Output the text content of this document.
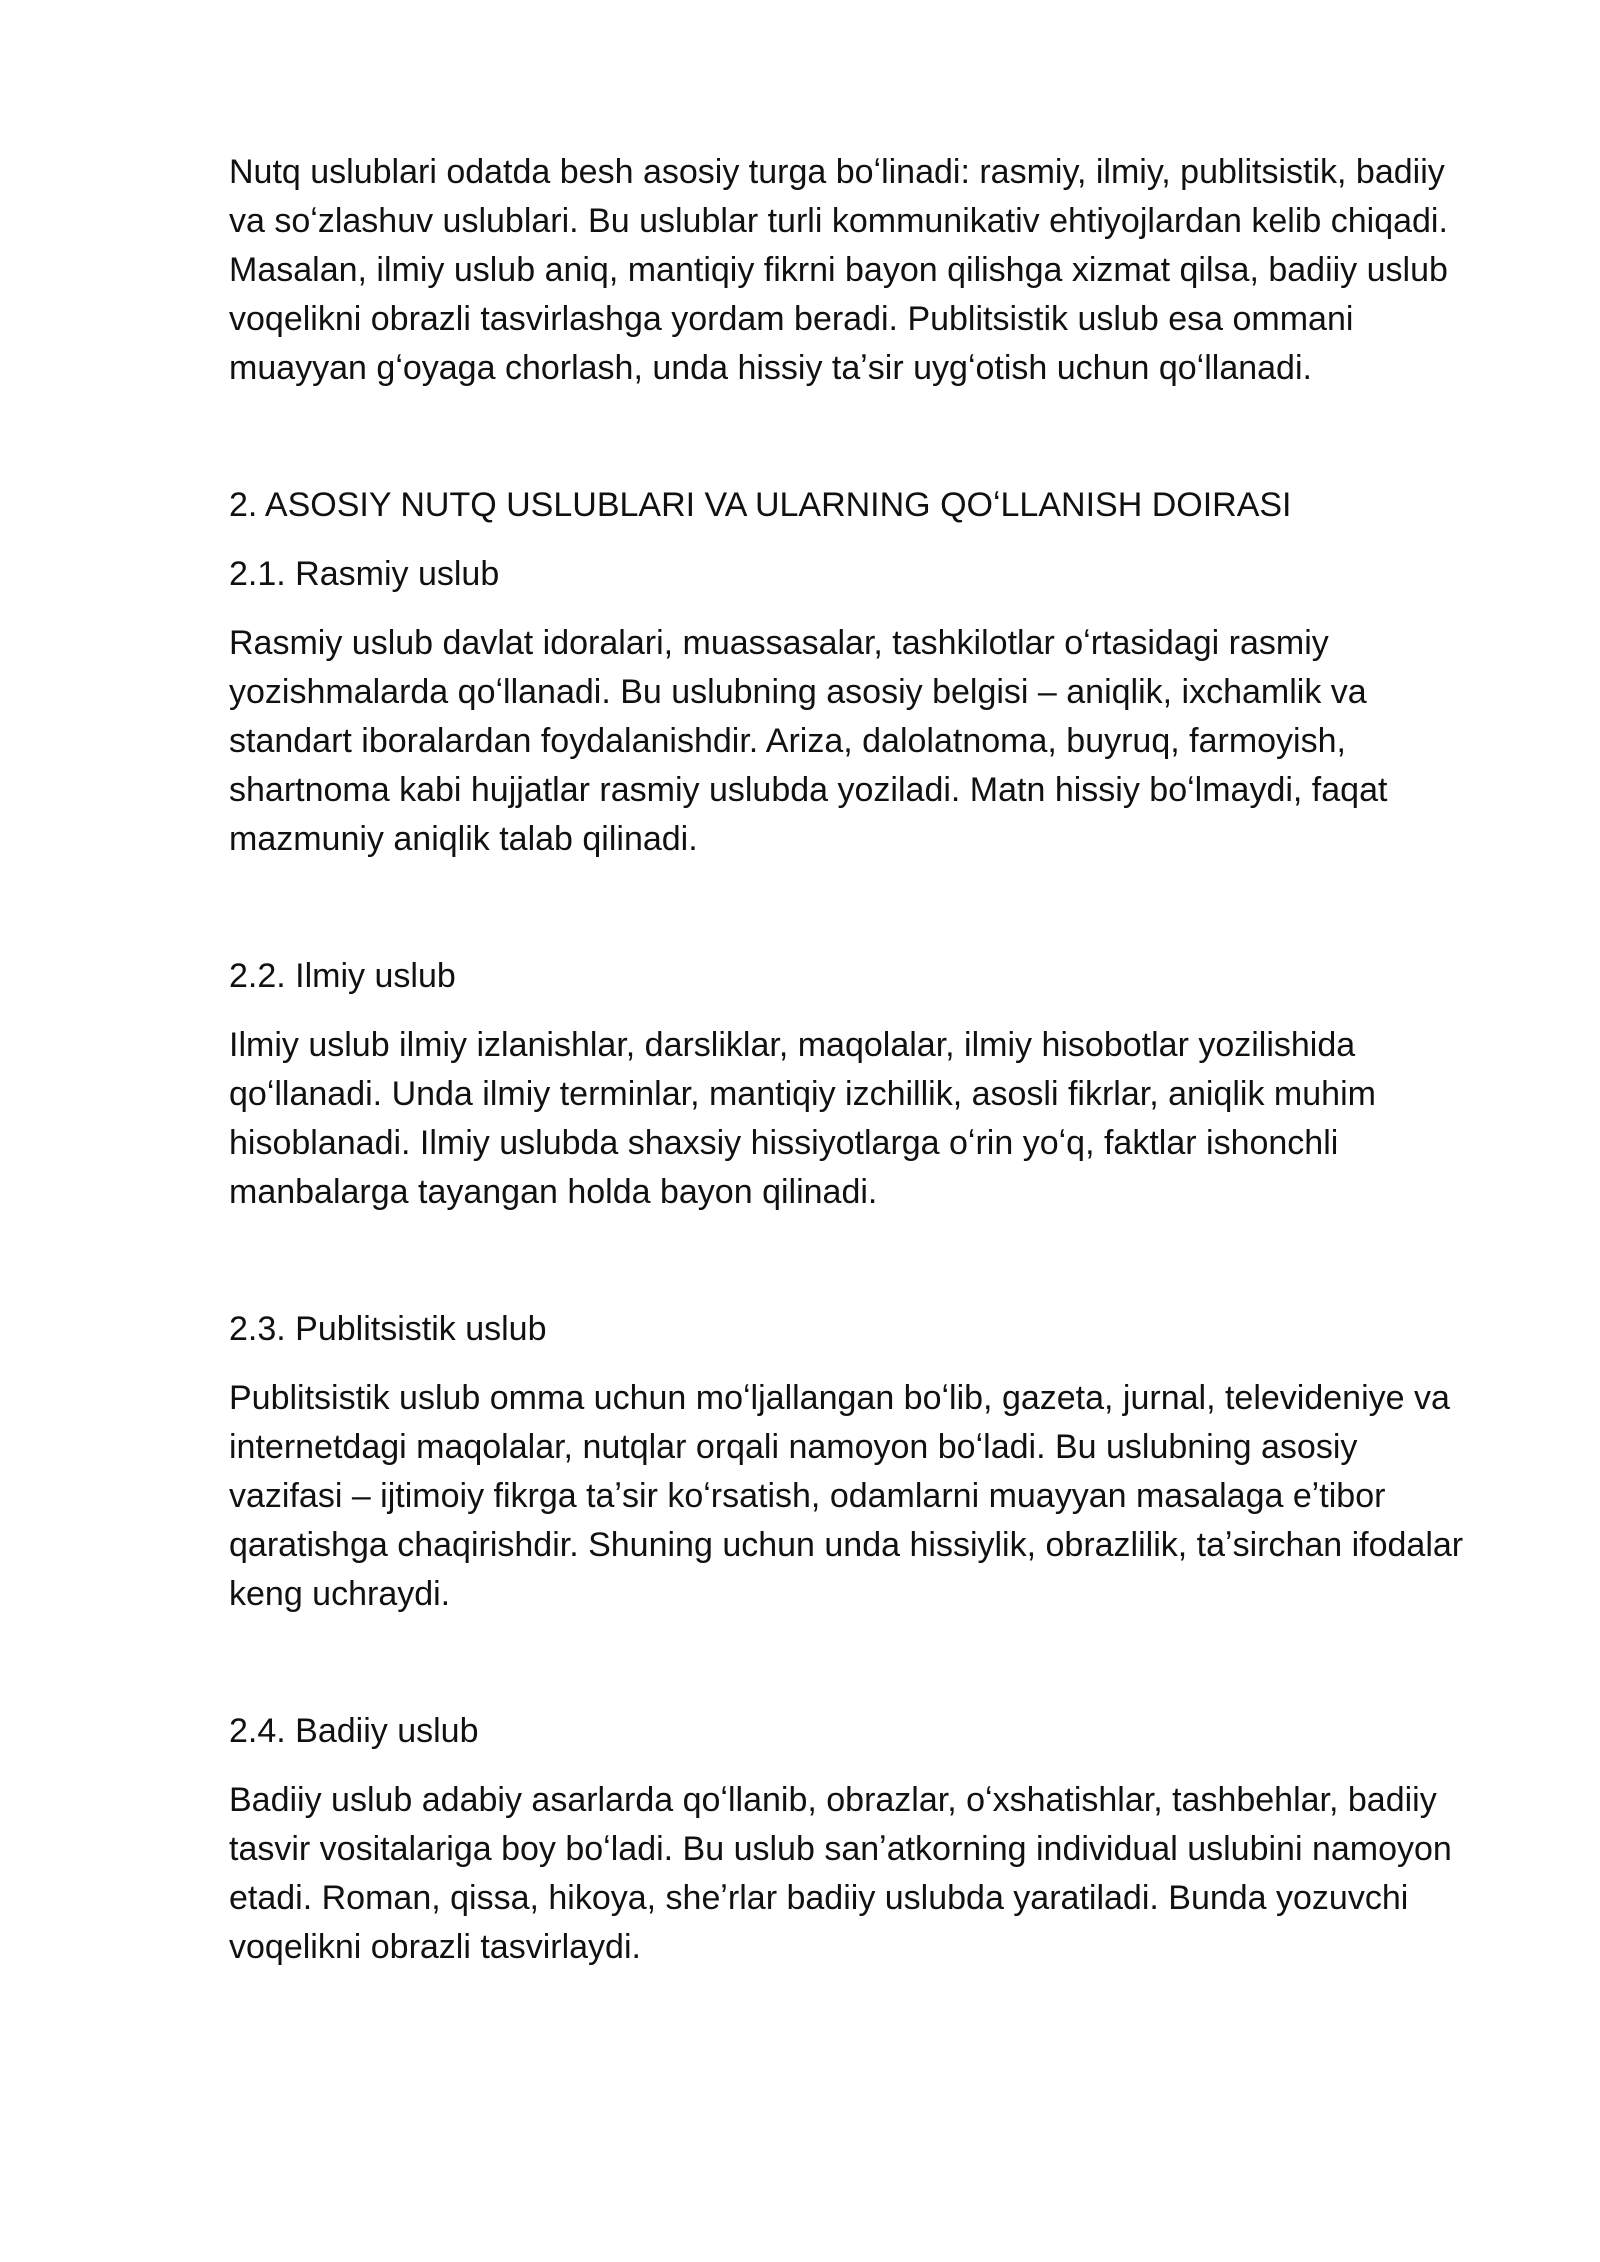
Nutq uslublari odatda besh asosiy turga boʻlinadi: rasmiy, ilmiy, publitsistik, badiiy

va soʻzlashuv uslublari. Bu uslublar turli kommunikativ ehtiyojlardan kelib chiqadi.

Masalan, ilmiy uslub aniq, mantiqiy fikrni bayon qilishga xizmat qilsa, badiiy uslub

voqelikni obrazli tasvirlashga yordam beradi. Publitsistik uslub esa ommani

muayyan gʻoyaga chorlash, unda hissiy taʼsir uygʻotish uchun qoʻllanadi.

2. ASOSIY NUTQ USLUBLARI VA ULARNING QOʻLLANISH DOIRASI

2.1. Rasmiy uslub

Rasmiy uslub davlat idoralari, muassasalar, tashkilotlar oʻrtasidagi rasmiy

yozishmalarda qoʻllanadi. Bu uslubning asosiy belgisi – aniqlik, ixchamlik va

standart iboralardan foydalanishdir. Ariza, dalolatnoma, buyruq, farmoyish,

shartnoma kabi hujjatlar rasmiy uslubda yoziladi. Matn hissiy boʻlmaydi, faqat

mazmuniy aniqlik talab qilinadi.

2.2. Ilmiy uslub

Ilmiy uslub ilmiy izlanishlar, darsliklar, maqolalar, ilmiy hisobotlar yozilishida

qoʻllanadi. Unda ilmiy terminlar, mantiqiy izchillik, asosli fikrlar, aniqlik muhim

hisoblanadi. Ilmiy uslubda shaxsiy hissiyotlarga oʻrin yoʻq, faktlar ishonchli

manbalarga tayangan holda bayon qilinadi.

2.3. Publitsistik uslub

Publitsistik uslub omma uchun moʻljallangan boʻlib, gazeta, jurnal, televideniye va

internetdagi maqolalar, nutqlar orqali namoyon boʻladi. Bu uslubning asosiy

vazifasi – ijtimoiy fikrga taʼsir koʻrsatish, odamlarni muayyan masalaga eʼtibor

qaratishga chaqirishdir. Shuning uchun unda hissiylik, obrazlilik, taʼsirchan ifodalar

keng uchraydi.

2.4. Badiiy uslub

Badiiy uslub adabiy asarlarda qoʻllanib, obrazlar, oʻxshatishlar, tashbehlar, badiiy

tasvir vositalariga boy boʻladi. Bu uslub sanʼatkorning individual uslubini namoyon

etadi. Roman, qissa, hikoya, sheʼrlar badiiy uslubda yaratiladi. Bunda yozuvchi

voqelikni obrazli tasvirlaydi.
